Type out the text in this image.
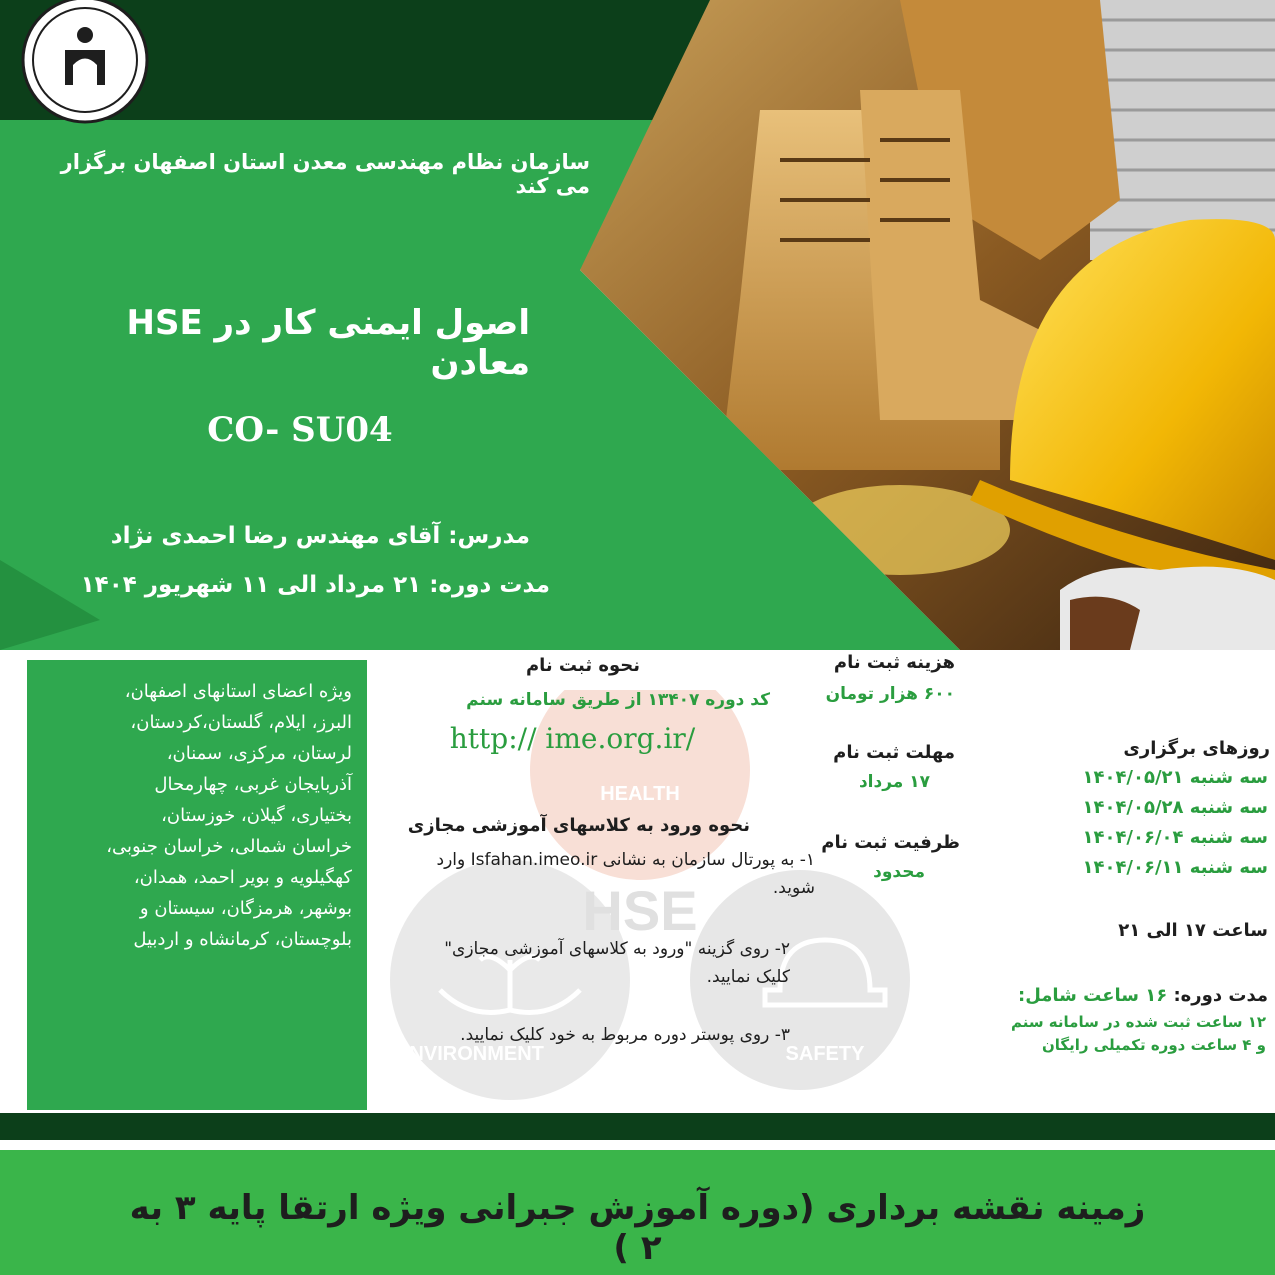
سازمان نظام مهندسی معدن استان اصفهان برگزار می کند
HSE اصول ایمنی کار در معادن
CO- SU04
مدرس: آقای مهندس رضا احمدی نژاد
مدت دوره: ۲۱ مرداد الی ۱۱ شهریور ۱۴۰۴
HEALTH
HSE
ENVIRONMENT	SAFETY
ویژه اعضای استانهای اصفهان،
البرز، ایلام، گلستان،کردستان،
لرستان، مرکزی، سمنان،
آذربایجان غربی، چهارمحال
بختیاری، گیلان، خوزستان،
خراسان شمالی، خراسان جنوبی،
کهگیلویه و بویر احمد، همدان،
بوشهر، هرمزگان، سیستان و
بلوچستان، کرمانشاه و اردبیل
نحوه ثبت نام
کد دوره ۱۳۴۰۷ از طریق سامانه سنم
http:// ime.org.ir/
نحوه ورود به کلاسهای آموزشی مجازی
۱- به پورتال سازمان به نشانی Isfahan.imeo.ir وارد
شوید.
۲- روی گزینه "ورود به کلاسهای آموزشی مجازی"
کلیک نمایید.
۳- روی پوستر دوره مربوط به خود کلیک نمایید.
هزینه ثبت نام
۶۰۰ هزار تومان
مهلت ثبت نام
۱۷ مرداد
ظرفیت ثبت نام
محدود
روزهای برگزاری
سه شنبه ۱۴۰۴/۰۵/۲۱
سه شنبه ۱۴۰۴/۰۵/۲۸
سه شنبه ۱۴۰۴/۰۶/۰۴
سه شنبه ۱۴۰۴/۰۶/۱۱
ساعت ۱۷ الی ۲۱
مدت دوره: ۱۶ ساعت شامل:
۱۲ ساعت ثبت شده در سامانه سنم
و ۴ ساعت دوره تکمیلی رایگان
زمینه نقشه برداری (دوره آموزش جبرانی ویژه ارتقا پایه ۳ به ۲ )
